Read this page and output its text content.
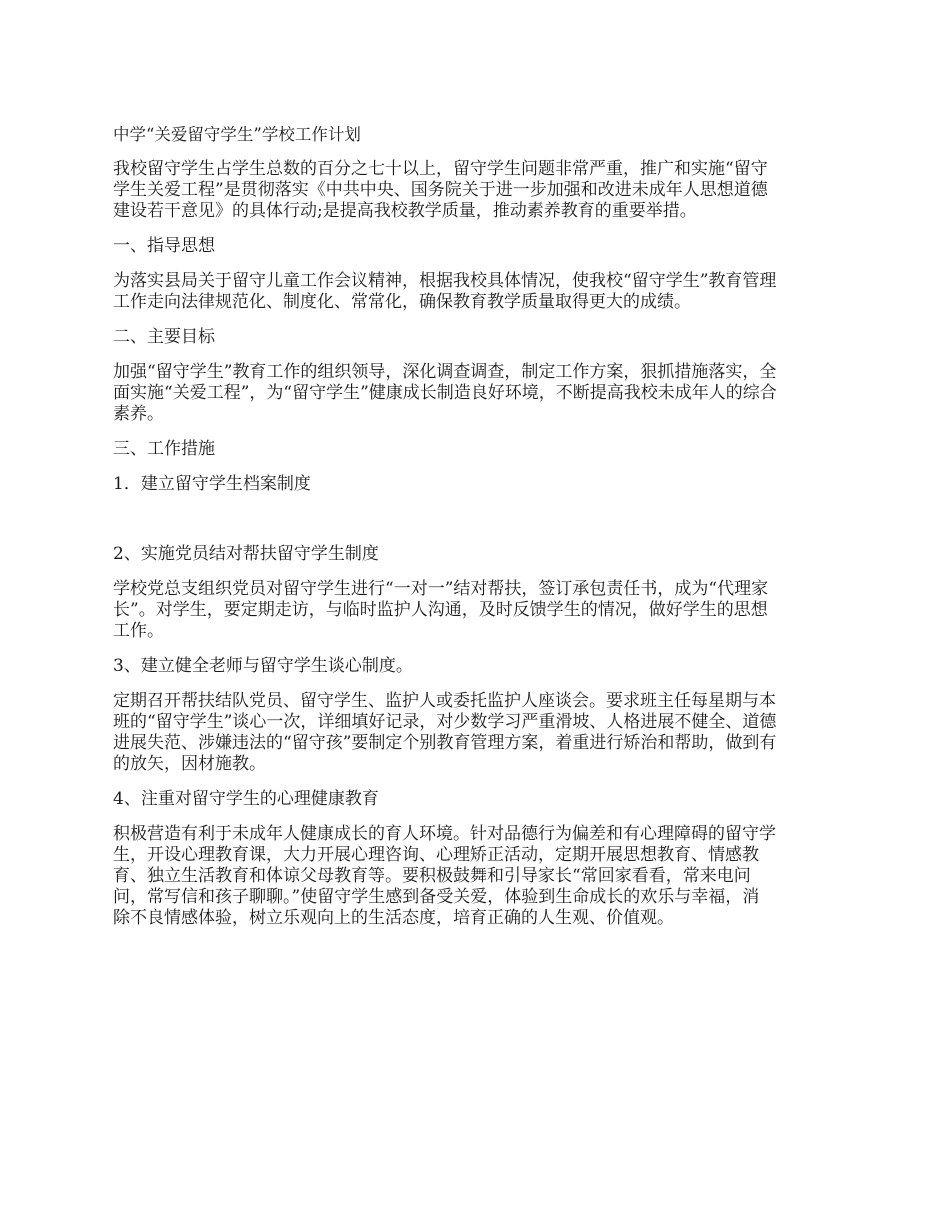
中学“关爱留守学生”学校工作计划

我校留守学生占学生总数的百分之七十以上，留守学生问题非常严重，推广和实施“留守

学生关爱工程”是贯彻落实《中共中央、国务院关于进一步加强和改进未成年人思想道德

建设若干意见》的具体行动;是提高我校教学质量，推动素养教育的重要举措。

一、指导思想

为落实县局关于留守儿童工作会议精神，根据我校具体情况，使我校“留守学生”教育管理

工作走向法律规范化、制度化、常常化，确保教育教学质量取得更大的成绩。

二、主要目标

加强“留守学生”教育工作的组织领导，深化调查调查，制定工作方案，狠抓措施落实，全

面实施“关爱工程”，为“留守学生”健康成长制造良好环境，不断提高我校未成年人的综合

素养。

三、工作措施

1．建立留守学生档案制度

2、实施党员结对帮扶留守学生制度

学校党总支组织党员对留守学生进行“一对一”结对帮扶，签订承包责任书，成为“代理家

长”。对学生，要定期走访，与临时监护人沟通，及时反馈学生的情况，做好学生的思想

工作。

3、建立健全老师与留守学生谈心制度。

定期召开帮扶结队党员、留守学生、监护人或委托监护人座谈会。要求班主任每星期与本

班的“留守学生”谈心一次，详细填好记录，对少数学习严重滑坡、人格进展不健全、道德

进展失范、涉嫌违法的“留守孩”要制定个别教育管理方案，着重进行矫治和帮助，做到有

的放矢，因材施教。

4、注重对留守学生的心理健康教育

积极营造有利于未成年人健康成长的育人环境。针对品德行为偏差和有心理障碍的留守学

生，开设心理教育课，大力开展心理咨询、心理矫正活动，定期开展思想教育、情感教

育、独立生活教育和体谅父母教育等。要积极鼓舞和引导家长“常回家看看，常来电问

问，常写信和孩子聊聊。”使留守学生感到备受关爱，体验到生命成长的欢乐与幸福，消

除不良情感体验，树立乐观向上的生活态度，培育正确的人生观、价值观。
